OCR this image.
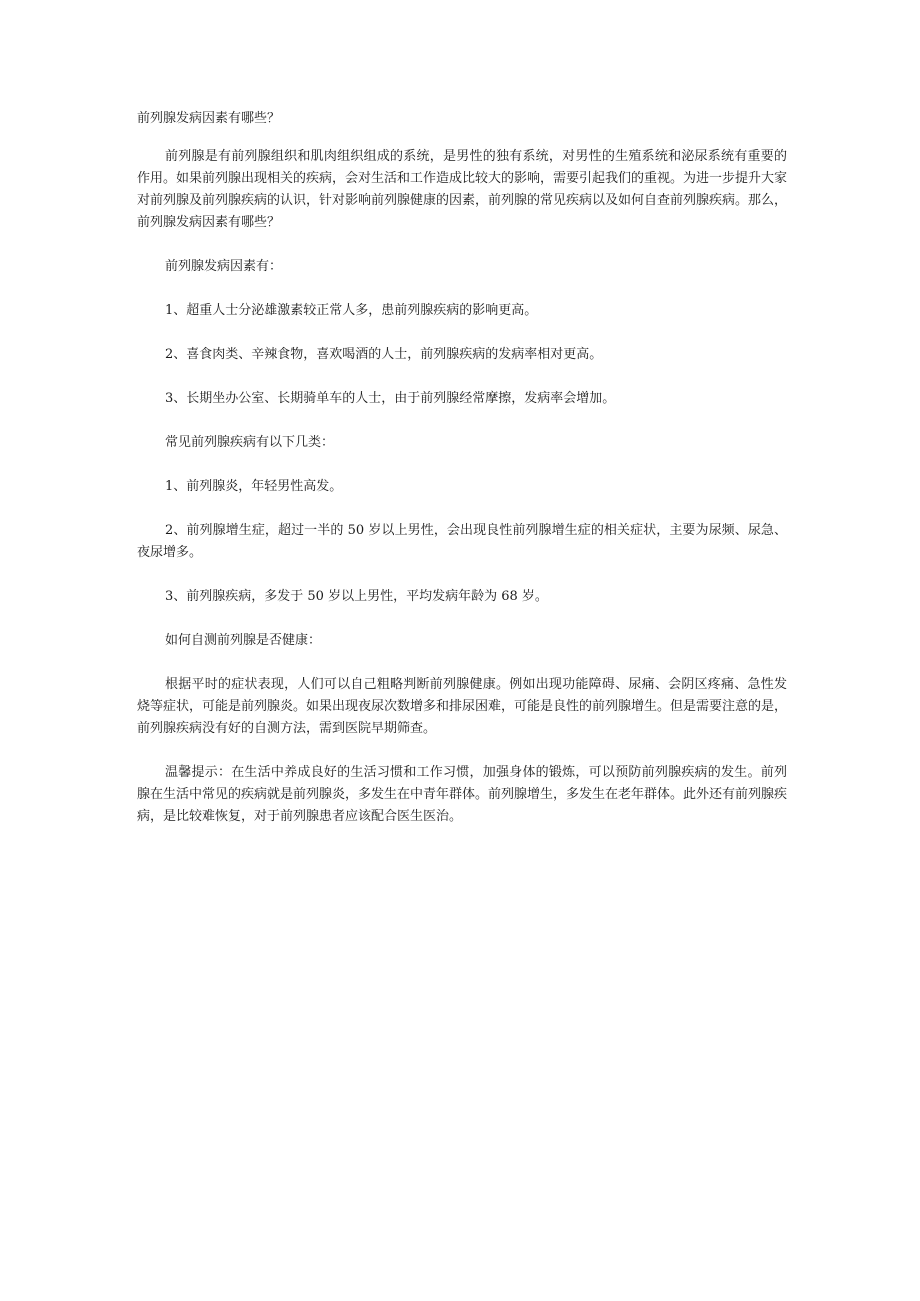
前列腺发病因素有哪些？

前列腺是有前列腺组织和肌肉组织组成的系统，是男性的独有系统，对男性的生殖系统和泌尿系统有重要的作用。如果前列腺出现相关的疾病，会对生活和工作造成比较大的影响，需要引起我们的重视。为进一步提升大家对前列腺及前列腺疾病的认识，针对影响前列腺健康的因素，前列腺的常见疾病以及如何自查前列腺疾病。那么，前列腺发病因素有哪些？

前列腺发病因素有：

1、超重人士分泌雄激素较正常人多，患前列腺疾病的影响更高。

2、喜食肉类、辛辣食物，喜欢喝酒的人士，前列腺疾病的发病率相对更高。

3、长期坐办公室、长期骑单车的人士，由于前列腺经常摩擦，发病率会增加。

常见前列腺疾病有以下几类：

1、前列腺炎，年轻男性高发。

2、前列腺增生症，超过一半的 50 岁以上男性，会出现良性前列腺增生症的相关症状，主要为尿频、尿急、夜尿增多。

3、前列腺疾病，多发于 50 岁以上男性，平均发病年龄为 68 岁。

如何自测前列腺是否健康：

根据平时的症状表现，人们可以自己粗略判断前列腺健康。例如出现功能障碍、尿痛、会阴区疼痛、急性发烧等症状，可能是前列腺炎。如果出现夜尿次数增多和排尿困难，可能是良性的前列腺增生。但是需要注意的是，前列腺疾病没有好的自测方法，需到医院早期筛查。

温馨提示：在生活中养成良好的生活习惯和工作习惯，加强身体的锻炼，可以预防前列腺疾病的发生。前列腺在生活中常见的疾病就是前列腺炎，多发生在中青年群体。前列腺增生，多发生在老年群体。此外还有前列腺疾病，是比较难恢复，对于前列腺患者应该配合医生医治。
